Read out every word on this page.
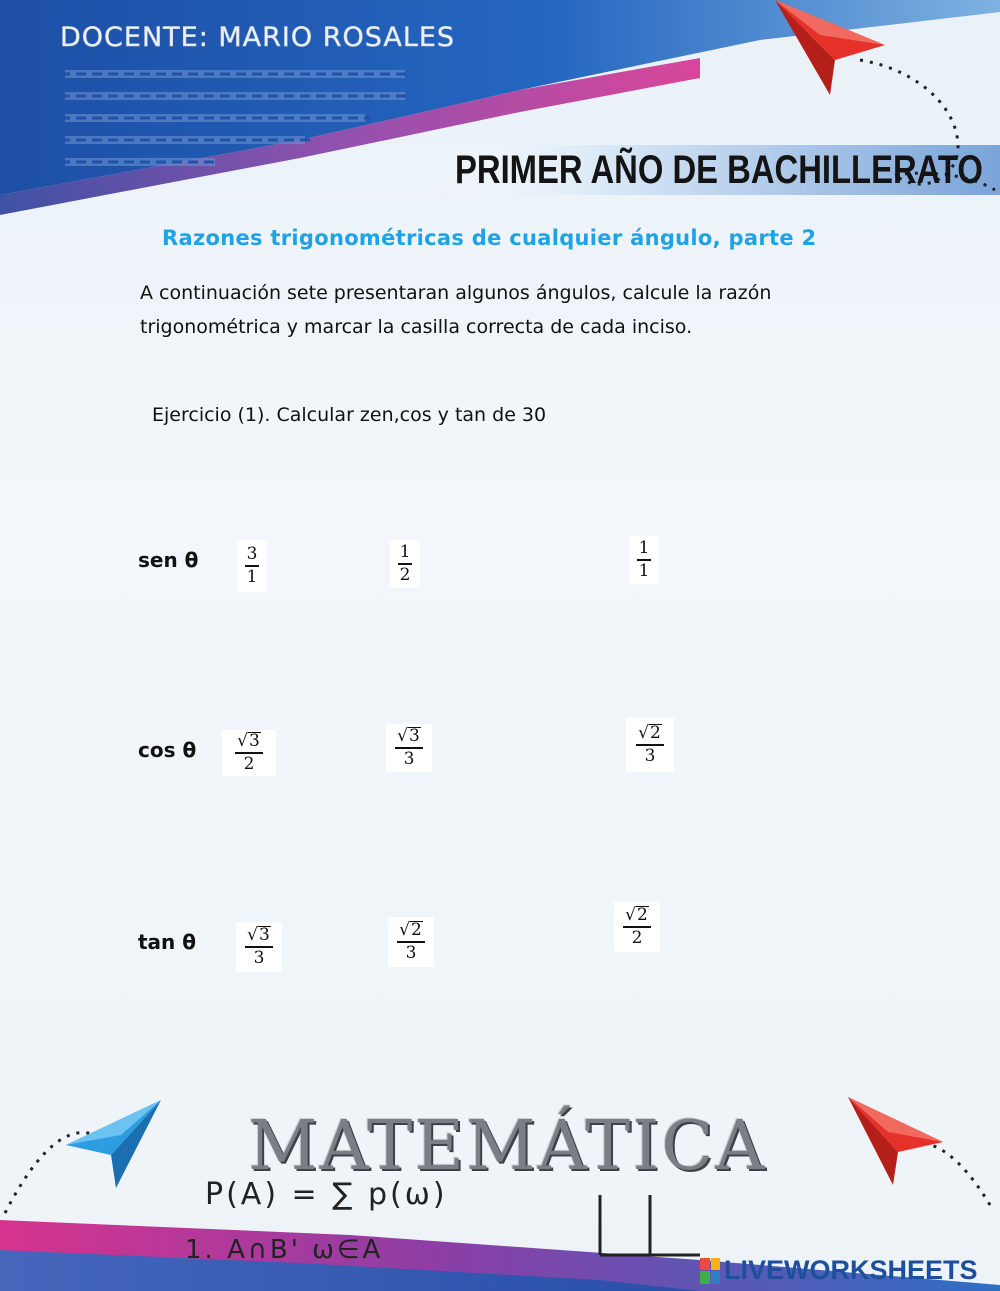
DOCENTE: MARIO ROSALES
PRIMER AÑO DE BACHILLERATO
Razones trigonométricas de cualquier ángulo, parte 2
A continuación sete presentaran algunos ángulos, calcule la razón
trigonométrica y marcar la casilla correcta de cada inciso.
Ejercicio (1). Calcular zen,cos y tan de 30
sen θ	$\frac{3}{1}$	$\frac{1}{2}$	$\frac{1}{1}$
cos θ $\frac{√ 3}{2}$	$\frac{√ 3}{3}$	$\frac{√ 2}{3}$
tan θ	$\frac{√ 3}{3}$	$\frac{√ 2}{3}$	$\frac{√ 2}{2}$
MATEMÁTICA
P(A) = ∑ p(ω)
1. A∩B' ω∈A
LIVEWORKSHEETS
